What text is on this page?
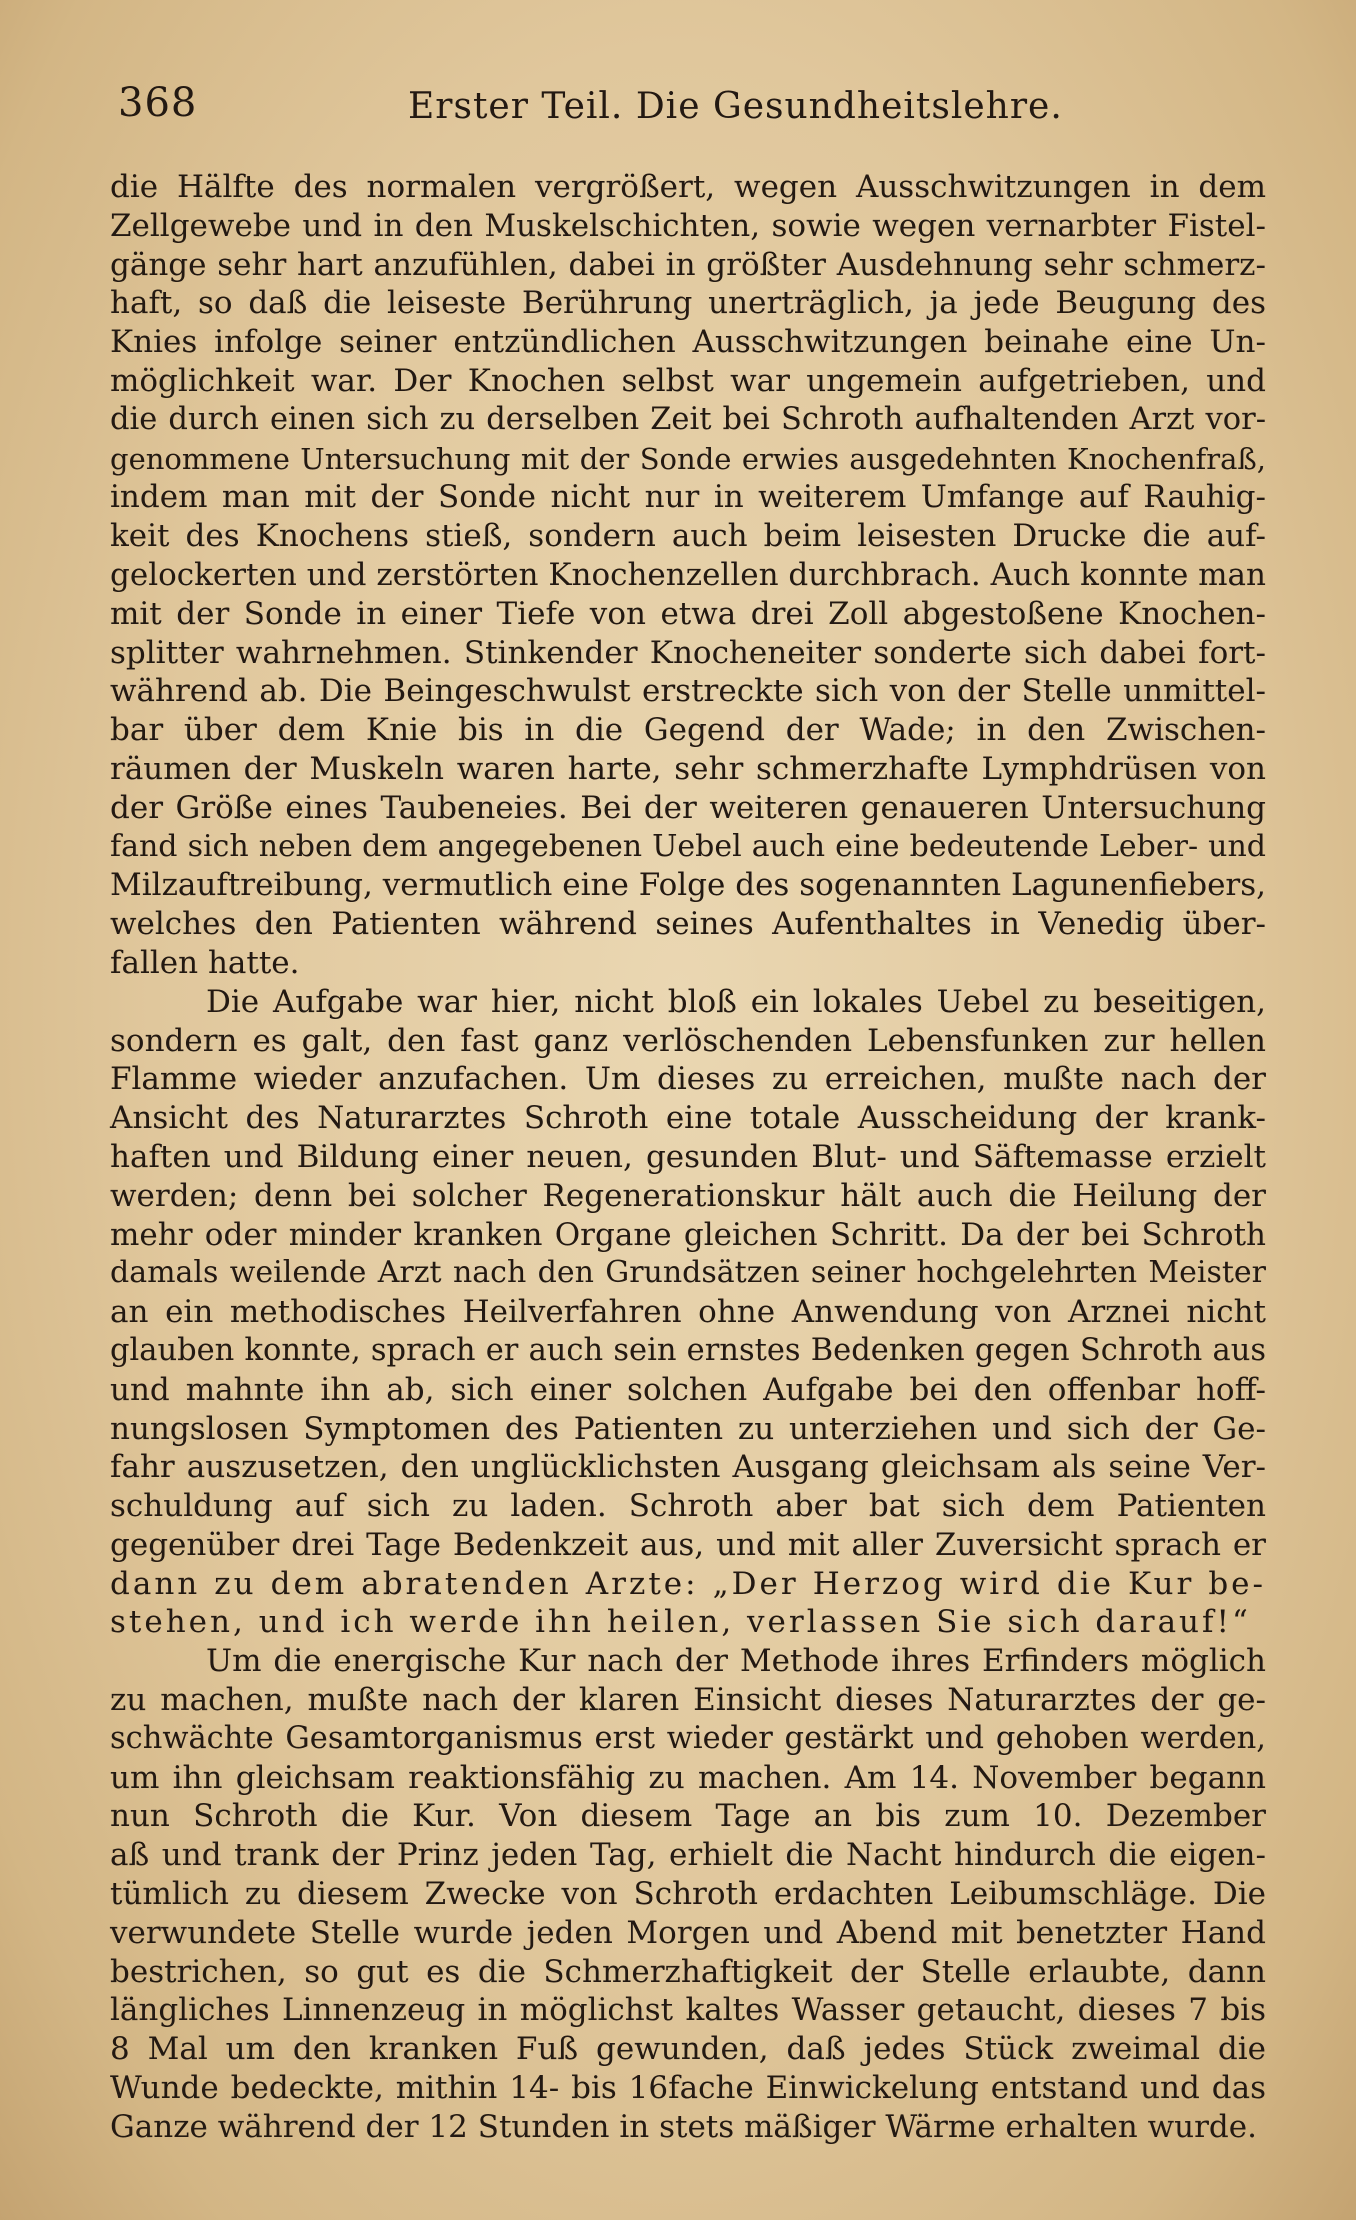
368	Erster Teil. Die Gesundheitslehre.
die Hälfte des normalen vergrößert, wegen Ausschwitzungen in dem
Zellgewebe und in den Muskelschichten, sowie wegen vernarbter Fistel-
gänge sehr hart anzufühlen, dabei in größter Ausdehnung sehr schmerz-
haft, so daß die leiseste Berührung unerträglich, ja jede Beugung des
Knies infolge seiner entzündlichen Ausschwitzungen beinahe eine Un-
möglichkeit war. Der Knochen selbst war ungemein aufgetrieben, und
die durch einen sich zu derselben Zeit bei Schroth aufhaltenden Arzt vor-
genommene Untersuchung mit der Sonde erwies ausgedehnten Knochenfraß,
indem man mit der Sonde nicht nur in weiterem Umfange auf Rauhig-
keit des Knochens stieß, sondern auch beim leisesten Drucke die auf-
gelockerten und zerstörten Knochenzellen durchbrach. Auch konnte man
mit der Sonde in einer Tiefe von etwa drei Zoll abgestoßene Knochen-
splitter wahrnehmen. Stinkender Knocheneiter sonderte sich dabei fort-
während ab. Die Beingeschwulst erstreckte sich von der Stelle unmittel-
bar über dem Knie bis in die Gegend der Wade; in den Zwischen-
räumen der Muskeln waren harte, sehr schmerzhafte Lymphdrüsen von
der Größe eines Taubeneies. Bei der weiteren genaueren Untersuchung
fand sich neben dem angegebenen Uebel auch eine bedeutende Leber- und
Milzauftreibung, vermutlich eine Folge des sogenannten Lagunenfiebers,
welches den Patienten während seines Aufenthaltes in Venedig über-
fallen hatte.
Die Aufgabe war hier, nicht bloß ein lokales Uebel zu beseitigen,
sondern es galt, den fast ganz verlöschenden Lebensfunken zur hellen
Flamme wieder anzufachen. Um dieses zu erreichen, mußte nach der
Ansicht des Naturarztes Schroth eine totale Ausscheidung der krank-
haften und Bildung einer neuen, gesunden Blut- und Säftemasse erzielt
werden; denn bei solcher Regenerationskur hält auch die Heilung der
mehr oder minder kranken Organe gleichen Schritt. Da der bei Schroth
damals weilende Arzt nach den Grundsätzen seiner hochgelehrten Meister
an ein methodisches Heilverfahren ohne Anwendung von Arznei nicht
glauben konnte, sprach er auch sein ernstes Bedenken gegen Schroth aus
und mahnte ihn ab, sich einer solchen Aufgabe bei den offenbar hoff-
nungslosen Symptomen des Patienten zu unterziehen und sich der Ge-
fahr auszusetzen, den unglücklichsten Ausgang gleichsam als seine Ver-
schuldung auf sich zu laden. Schroth aber bat sich dem Patienten
gegenüber drei Tage Bedenkzeit aus, und mit aller Zuversicht sprach er
dann zu dem abratenden Arzte: „Der Herzog wird die Kur be-
stehen, und ich werde ihn heilen, verlassen Sie sich darauf!“
Um die energische Kur nach der Methode ihres Erfinders möglich
zu machen, mußte nach der klaren Einsicht dieses Naturarztes der ge-
schwächte Gesamtorganismus erst wieder gestärkt und gehoben werden,
um ihn gleichsam reaktionsfähig zu machen. Am 14. November begann
nun Schroth die Kur. Von diesem Tage an bis zum 10. Dezember
aß und trank der Prinz jeden Tag, erhielt die Nacht hindurch die eigen-
tümlich zu diesem Zwecke von Schroth erdachten Leibumschläge. Die
verwundete Stelle wurde jeden Morgen und Abend mit benetzter Hand
bestrichen, so gut es die Schmerzhaftigkeit der Stelle erlaubte, dann
längliches Linnenzeug in möglichst kaltes Wasser getaucht, dieses 7 bis
8 Mal um den kranken Fuß gewunden, daß jedes Stück zweimal die
Wunde bedeckte, mithin 14- bis 16fache Einwickelung entstand und das
Ganze während der 12 Stunden in stets mäßiger Wärme erhalten wurde.
